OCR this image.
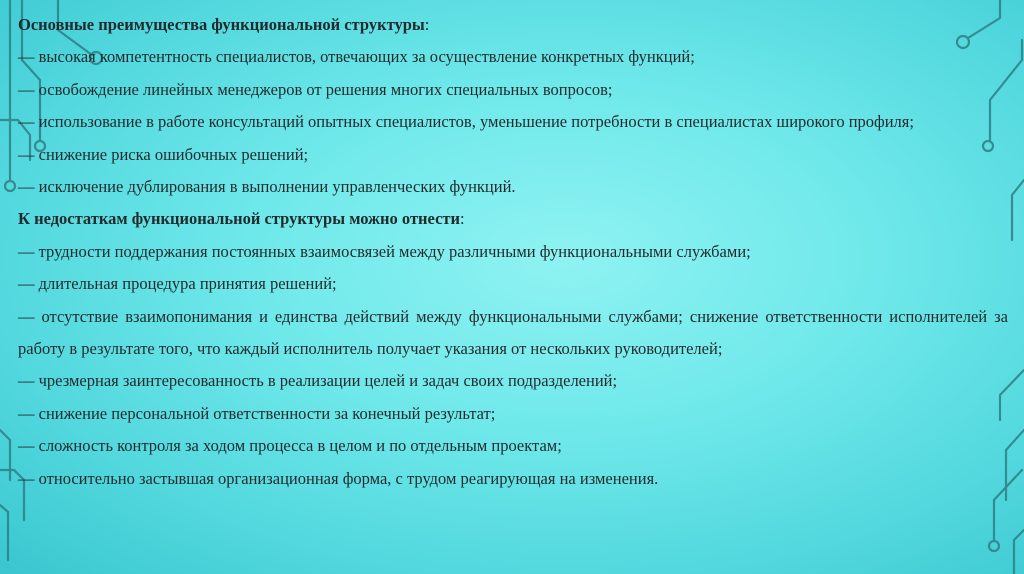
Основные преимущества функциональной структуры:

— высокая компетентность специалистов, отвечающих за осуществление конкретных функций;

— освобождение линейных менеджеров от решения многих специальных вопросов;

— использование в работе консультаций опытных специалистов, уменьшение потребности в специалистах широкого профиля;

— снижение риска ошибочных решений;

— исключение дублирования в выполнении управленческих функций.

К недостаткам функциональной структуры можно отнести:

— трудности поддержания постоянных взаимосвязей между различными функциональными службами;

— длительная процедура принятия решений;

— отсутствие взаимопонимания и единства действий между функциональными службами; снижение ответственности исполнителей за работу в результате того, что каждый исполнитель получает указания от нескольких руководителей;

— чрезмерная заинтересованность в реализации целей и задач своих подразделений;

— снижение персональной ответственности за конечный результат;

— сложность контроля за ходом процесса в целом и по отдельным проектам;

— относительно застывшая организационная форма, с трудом реагирующая на изменения.
